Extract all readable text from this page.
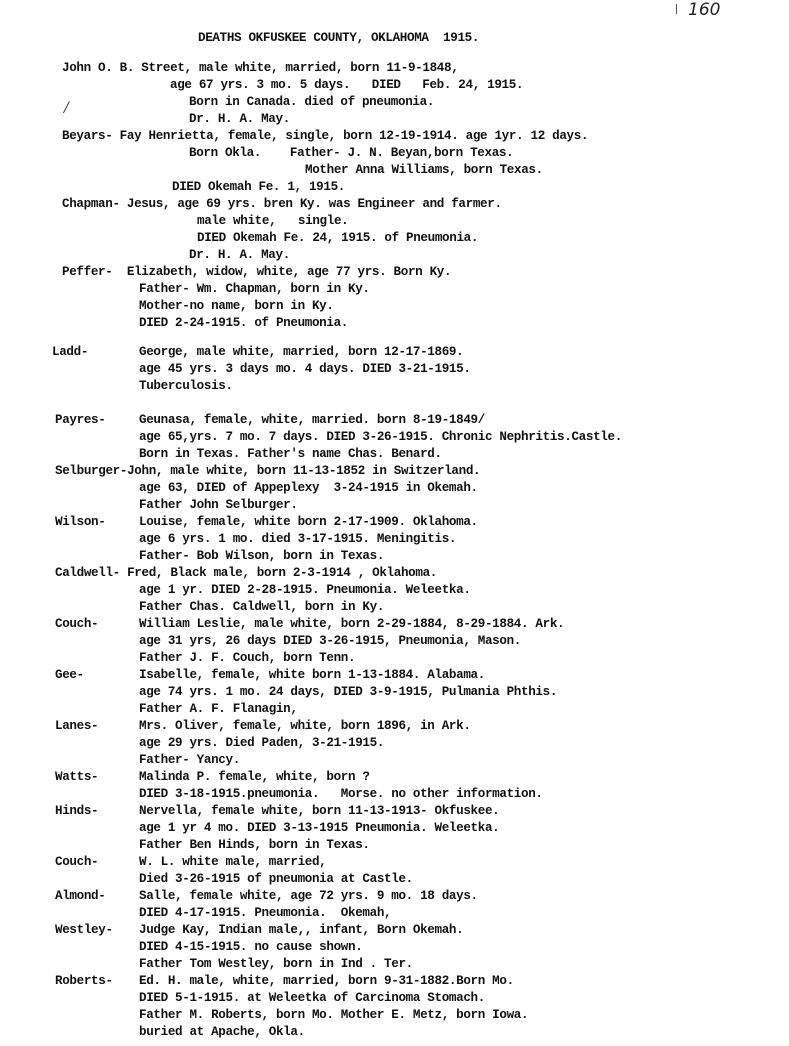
160
DEATHS OKFUSKEE COUNTY, OKLAHOMA  1915.
/
John O. B. Street, male white, married, born 11-9-1848,
age 67 yrs. 3 mo. 5 days.   DIED   Feb. 24, 1915.
Born in Canada. died of pneumonia.
Dr. H. A. May.
Beyars- Fay Henrietta, female, single, born 12-19-1914. age 1yr. 12 days.
Born Okla.    Father- J. N. Beyan,born Texas.
Mother Anna Williams, born Texas.
DIED Okemah Fe. 1, 1915.
Chapman- Jesus, age 69 yrs. bren Ky. was Engineer and farmer.
male white,   single.
DIED Okemah Fe. 24, 1915. of Pneumonia.
Dr. H. A. May.
Peffer-  Elizabeth, widow, white, age 77 yrs. Born Ky.
Father- Wm. Chapman, born in Ky.
Mother-no name, born in Ky.
DIED 2-24-1915. of Pneumonia.
Ladd-	George, male white, married, born 12-17-1869.
age 45 yrs. 3 days mo. 4 days. DIED 3-21-1915.
Tuberculosis.
Payres-	Geunasa, female, white, married. born 8-19-1849/
age 65,yrs. 7 mo. 7 days. DIED 3-26-1915. Chronic Nephritis.Castle.
Born in Texas. Father's name Chas. Benard.
Selburger-John, male white, born 11-13-1852 in Switzerland.
age 63, DIED of Appeplexy  3-24-1915 in Okemah.
Father John Selburger.
Wilson-	Louise, female, white born 2-17-1909. Oklahoma.
age 6 yrs. 1 mo. died 3-17-1915. Meningitis.
Father- Bob Wilson, born in Texas.
Caldwell- Fred, Black male, born 2-3-1914 , Oklahoma.
age 1 yr. DIED 2-28-1915. Pneumonia. Weleetka.
Father Chas. Caldwell, born in Ky.
Couch-	William Leslie, male white, born 2-29-1884, 8-29-1884. Ark.
age 31 yrs, 26 days DIED 3-26-1915, Pneumonia, Mason.
Father J. F. Couch, born Tenn.
Gee-	Isabelle, female, white born 1-13-1884. Alabama.
age 74 yrs. 1 mo. 24 days, DIED 3-9-1915, Pulmania Phthis.
Father A. F. Flanagin,
Lanes-	Mrs. Oliver, female, white, born 1896, in Ark.
age 29 yrs. Died Paden, 3-21-1915.
Father- Yancy.
Watts-	Malinda P. female, white, born ?
DIED 3-18-1915.pneumonia.   Morse. no other information.
Hinds-	Nervella, female white, born 11-13-1913- Okfuskee.
age 1 yr 4 mo. DIED 3-13-1915 Pneumonia. Weleetka.
Father Ben Hinds, born in Texas.
Couch-	W. L. white male, married,
Died 3-26-1915 of pneumonia at Castle.
Almond-	Salle, female white, age 72 yrs. 9 mo. 18 days.
DIED 4-17-1915. Pneumonia.  Okemah,
Westley- Judge Kay, Indian male,, infant, Born Okemah.
DIED 4-15-1915. no cause shown.
Father Tom Westley, born in Ind . Ter.
Roberts- Ed. H. male, white, married, born 9-31-1882.Born Mo.
DIED 5-1-1915. at Weleetka of Carcinoma Stomach.
Father M. Roberts, born Mo. Mother E. Metz, born Iowa.
buried at Apache, Okla.
